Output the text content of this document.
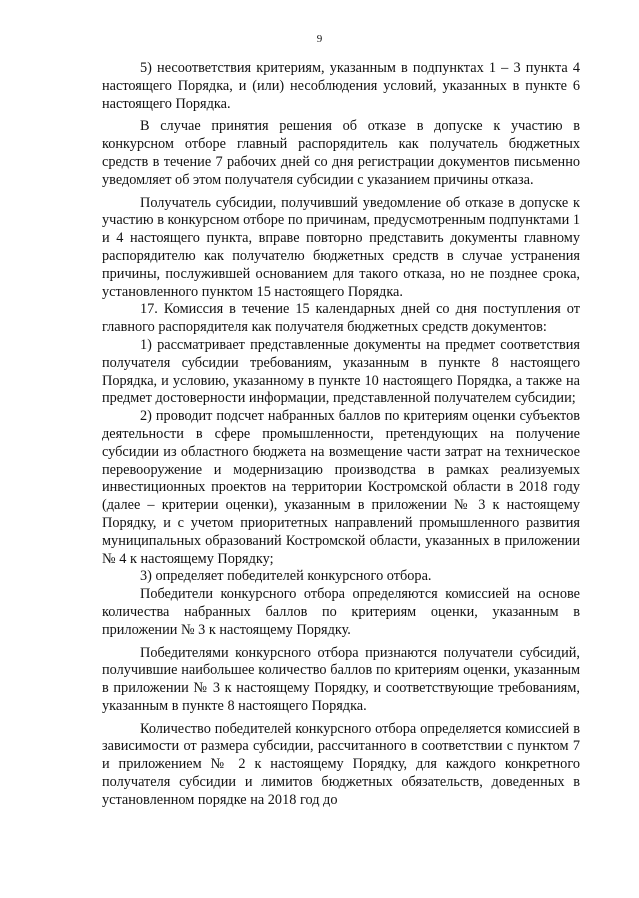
9

5) несоответствия критериям, указанным в подпунктах 1 – 3 пункта 4 настоящего Порядка, и (или) несоблюдения условий, указанных в пункте 6 настоящего Порядка.

В случае принятия решения об отказе в допуске к участию в конкурсном отборе главный распорядитель как получатель бюджетных средств в течение 7 рабочих дней со дня регистрации документов письменно уведомляет об этом получателя субсидии с указанием причины отказа.

Получатель субсидии, получивший уведомление об отказе в допуске к участию в конкурсном отборе по причинам, предусмотренным подпунктами 1 и 4 настоящего пункта, вправе повторно представить документы главному распорядителю как получателю бюджетных средств в случае устранения причины, послужившей основанием для такого отказа, но не позднее срока, установленного пунктом 15 настоящего Порядка.

17. Комиссия в течение 15 календарных дней со дня поступления от главного распорядителя как получателя бюджетных средств документов:

1) рассматривает представленные документы на предмет соответствия получателя субсидии требованиям, указанным в пункте 8 настоящего Порядка, и условию, указанному в пункте 10 настоящего Порядка, а также на предмет достоверности информации, представленной получателем субсидии;

2) проводит подсчет набранных баллов по критериям оценки субъектов деятельности в сфере промышленности, претендующих на получение субсидии из областного бюджета на возмещение части затрат на техническое перевооружение и модернизацию производства в рамках реализуемых инвестиционных проектов на территории Костромской области в 2018 году (далее – критерии оценки), указанным в приложении № 3 к настоящему Порядку, и с учетом приоритетных направлений промышленного развития муниципальных образований Костромской области, указанных в приложении № 4 к настоящему Порядку;

3) определяет победителей конкурсного отбора.

Победители конкурсного отбора определяются комиссией на основе количества набранных баллов по критериям оценки, указанным в приложении № 3 к настоящему Порядку.

Победителями конкурсного отбора признаются получатели субсидий, получившие наибольшее количество баллов по критериям оценки, указанным в приложении № 3 к настоящему Порядку, и соответствующие требованиям, указанным в пункте 8 настоящего Порядка.

Количество победителей конкурсного отбора определяется комиссией в зависимости от размера субсидии, рассчитанного в соответствии с пунктом 7 и приложением № 2 к настоящему Порядку, для каждого конкретного получателя субсидии и лимитов бюджетных обязательств, доведенных в установленном порядке на 2018 год до
